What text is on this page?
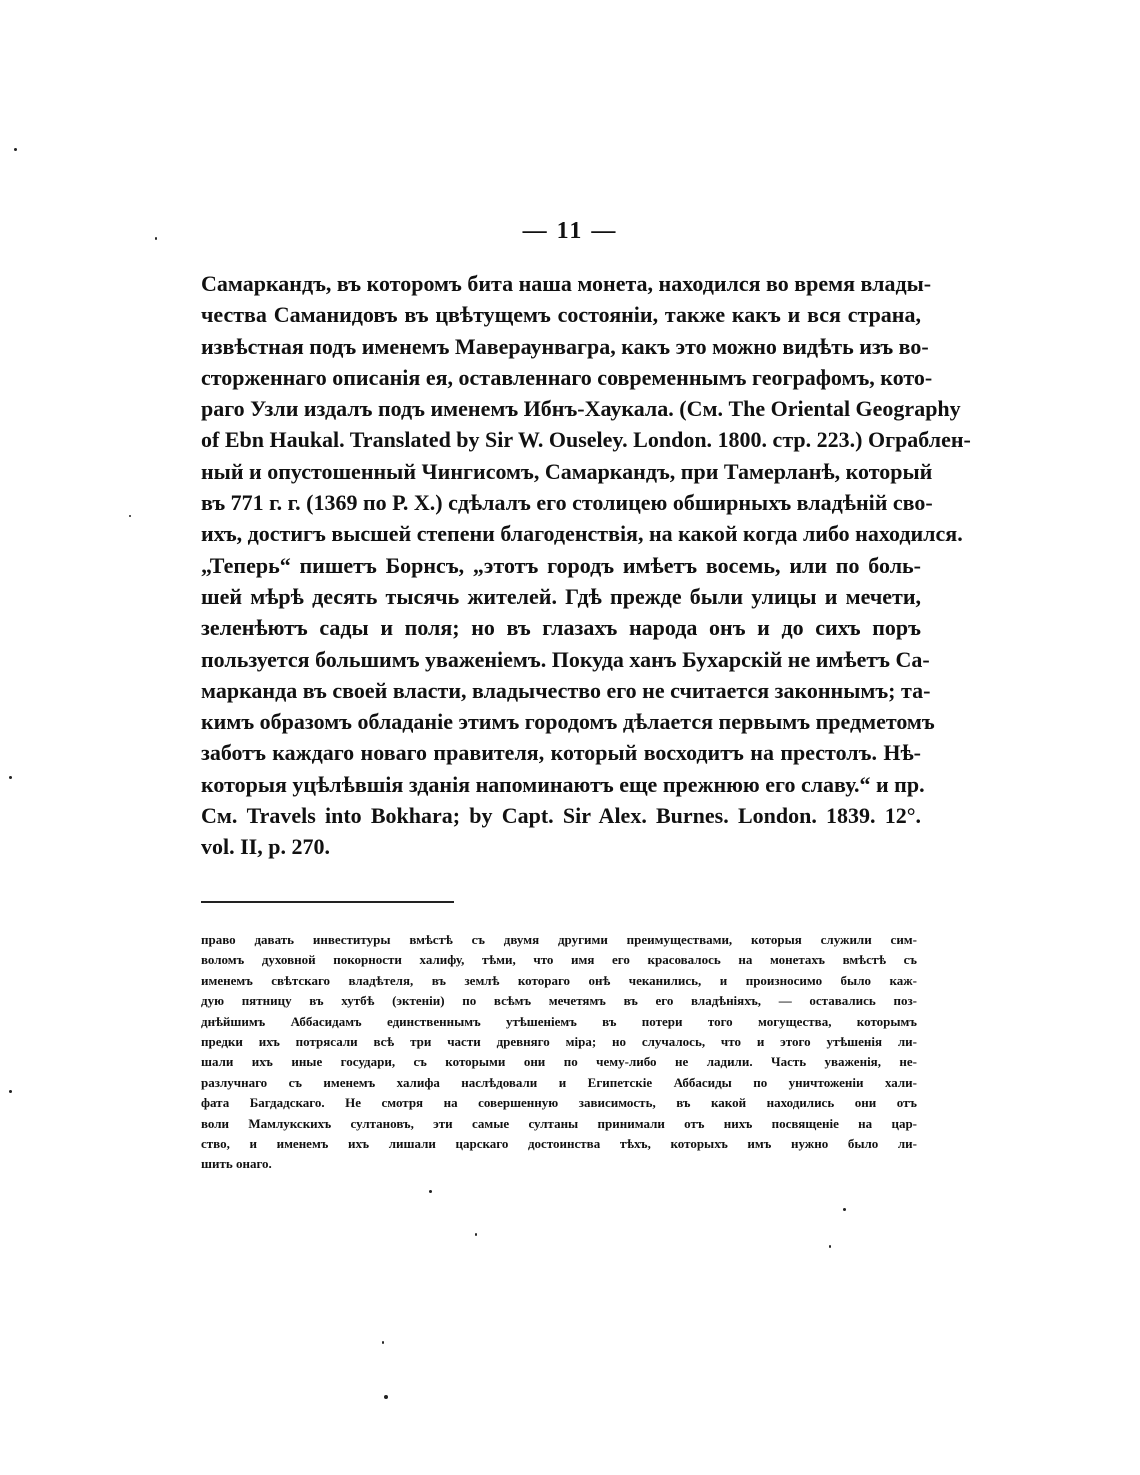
— 11 —
Самаркандъ, въ которомъ бита наша монета, находился во время влады-
чества Саманидовъ въ цвѣтущемъ состояніи, также какъ и вся страна,
извѣстная подъ именемъ Мавераунвагра, какъ это можно видѣть изъ во-
сторженнаго описанія ея, оставленнаго современнымъ географомъ, кото-
раго Узли издалъ подъ именемъ Ибнъ-Хаукала. (См. The Oriental Geography
of Ebn Haukal. Translated by Sir W. Ouseley. London. 1800. стр. 223.) Ограблен-
ный и опустошенный Чингисомъ, Самаркандъ, при Тамерланѣ, который
въ 771 г. г. (1369 по Р. Х.) сдѣлалъ его столицею обширныхъ владѣній сво-
ихъ, достигъ высшей степени благоденствія, на какой когда либо находился.
„Теперь“ пишетъ Борнсъ, „этотъ городъ имѣетъ восемь, или по боль-
шей мѣрѣ десять тысячь жителей. Гдѣ прежде были улицы и мечети,
зеленѣютъ сады и поля; но въ глазахъ народа онъ и до сихъ поръ
пользуется большимъ уваженіемъ. Покуда ханъ Бухарскій не имѣетъ Са-
марканда въ своей власти, владычество его не считается законнымъ; та-
кимъ образомъ обладаніе этимъ городомъ дѣлается первымъ предметомъ
заботъ каждаго новаго правителя, который восходитъ на престолъ. Нѣ-
которыя уцѣлѣвшія зданія напоминаютъ еще прежнюю его славу.“ и пр.
См. Travels into Bokhara; by Capt. Sir Alex. Burnes. London. 1839. 12°.
vol. II, p. 270.
право давать инвеституры вмѣстѣ съ двумя другими преимуществами, которыя служили сим-
воломъ духовной покорности халифу, тѣми, что имя его красовалось на монетахъ вмѣстѣ съ
именемъ свѣтскаго владѣтеля, въ землѣ котораго онѣ чеканились, и произносимо было каж-
дую пятницу въ хутбѣ (эктеніи) по всѣмъ мечетямъ въ его владѣніяхъ, — оставались поз-
днѣйшимъ Аббасидамъ единственнымъ утѣшеніемъ въ потери того могущества, которымъ
предки ихъ потрясали всѣ три части древняго міра; но случалось, что и этого утѣшенія ли-
шали ихъ иные государи, съ которыми они по чему-либо не ладили. Часть уваженія, не-
разлучнаго съ именемъ халифа наслѣдовали и Египетскіе Аббасиды по уничтоженіи хали-
фата Багдадскаго. Не смотря на совершенную зависимость, въ какой находились они отъ
воли Мамлукскихъ султановъ, эти самые султаны принимали отъ нихъ посвященіе на цар-
ство, и именемъ ихъ лишали царскаго достоинства тѣхъ, которыхъ имъ нужно было ли-
шить онаго.
